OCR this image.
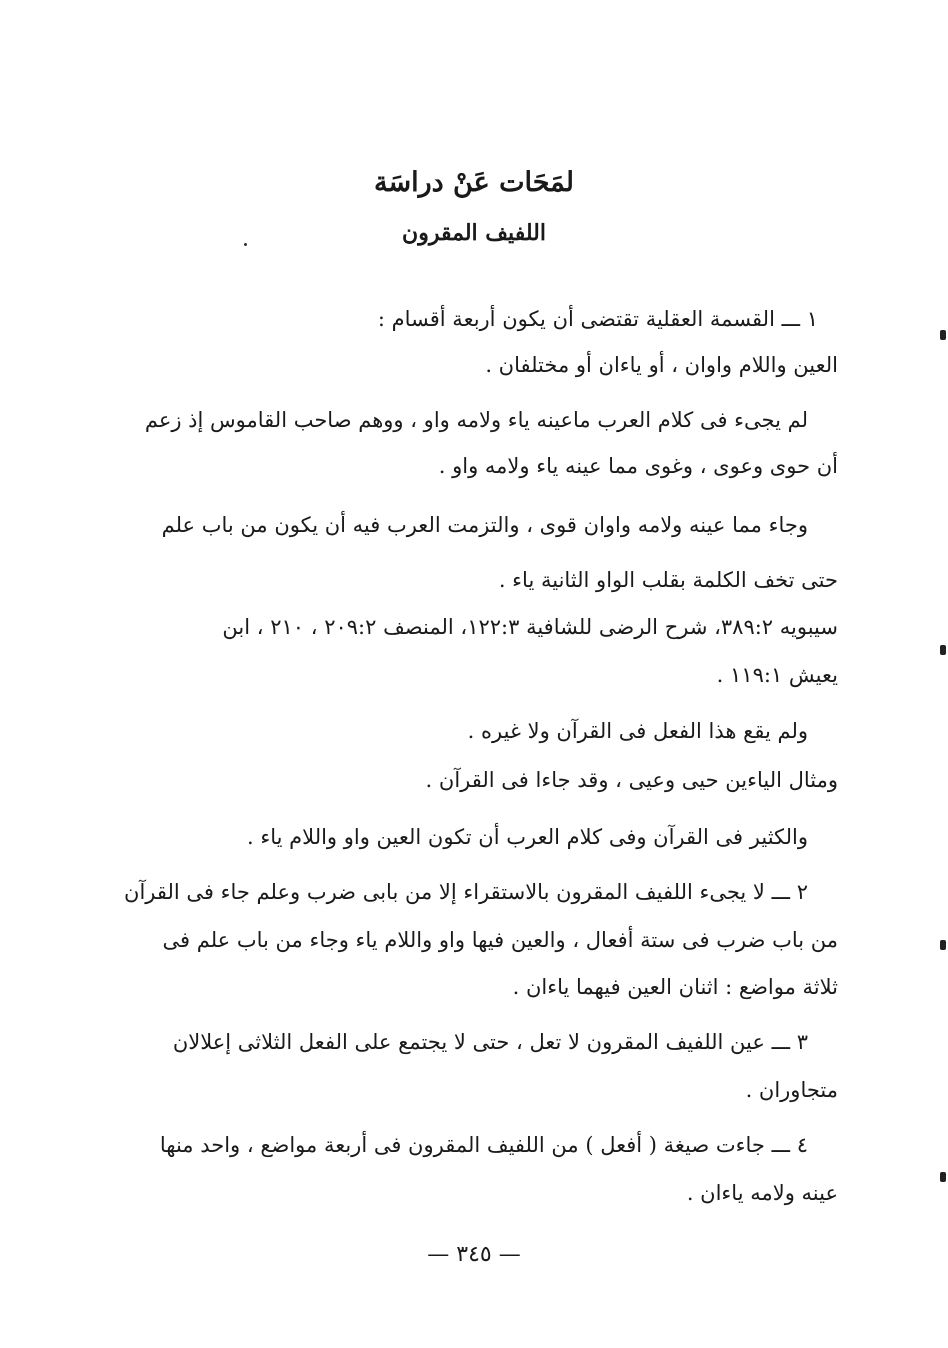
لمَحَات عَنْ دراسَة
اللفيف المقرون
١ ـــ القسمة العقلية تقتضى أن يكون أربعة أقسام :
العين واللام واوان ، أو ياءان أو مختلفان .
لم يجىء فى كلام العرب ماعينه ياء ولامه واو ، ووهم صاحب القاموس إذ زعم
أن حوى وعوى ، وغوى مما عينه ياء ولامه واو .
وجاء مما عينه ولامه واوان قوى ، والتزمت العرب فيه أن يكون من باب علم
حتى تخف الكلمة بقلب الواو الثانية ياء .
سيبويه ٣٨٩:٢، شرح الرضى للشافية ١٢٢:٣، المنصف ٢٠٩:٢ ، ٢١٠ ، ابن
يعيش ١١٩:١ .
ولم يقع هذا الفعل فى القرآن ولا غيره .
ومثال الياءين حيى وعيى ، وقد جاءا فى القرآن .
والكثير فى القرآن وفى كلام العرب أن تكون العين واو واللام ياء .
٢ ـــ لا يجىء اللفيف المقرون بالاستقراء إلا من بابى ضرب وعلم جاء فى القرآن
من باب ضرب فى ستة أفعال ، والعين فيها واو واللام ياء وجاء من باب علم فى
ثلاثة مواضع : اثنان العين فيهما ياءان .
٣ ـــ عين اللفيف المقرون لا تعل ، حتى لا يجتمع على الفعل الثلاثى إعلالان
متجاوران .
٤ ـــ جاءت صيغة ( أفعل ) من اللفيف المقرون فى أربعة مواضع ، واحد منها
عينه ولامه ياءان .
— ٣٤٥ —
